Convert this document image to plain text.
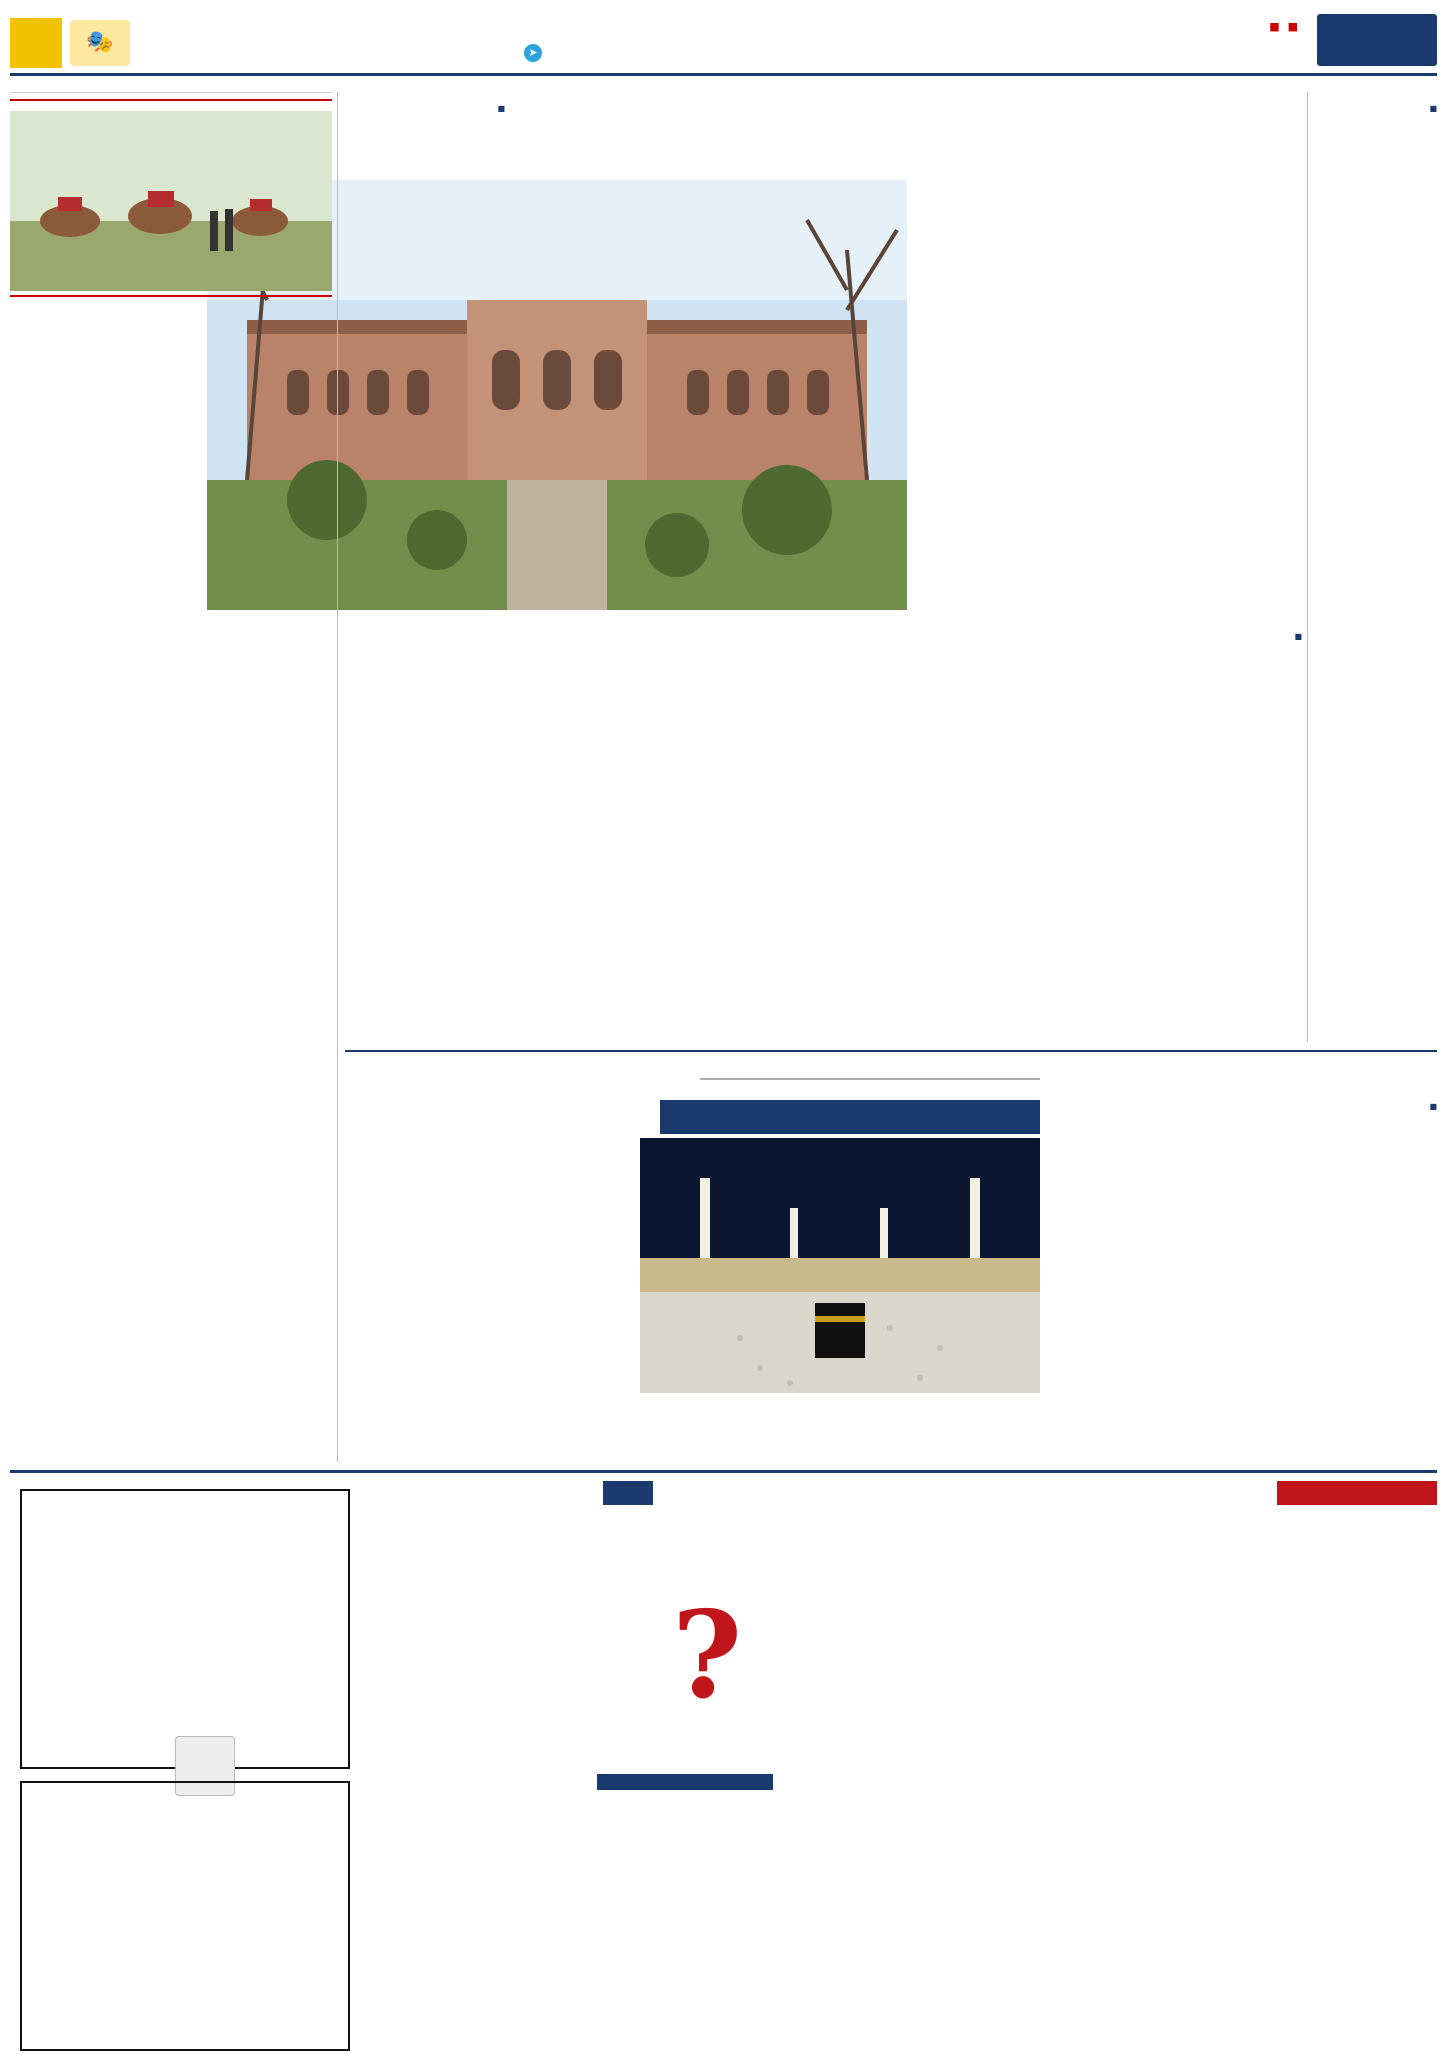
■■
➤
🎭

■

■

■

■

?
